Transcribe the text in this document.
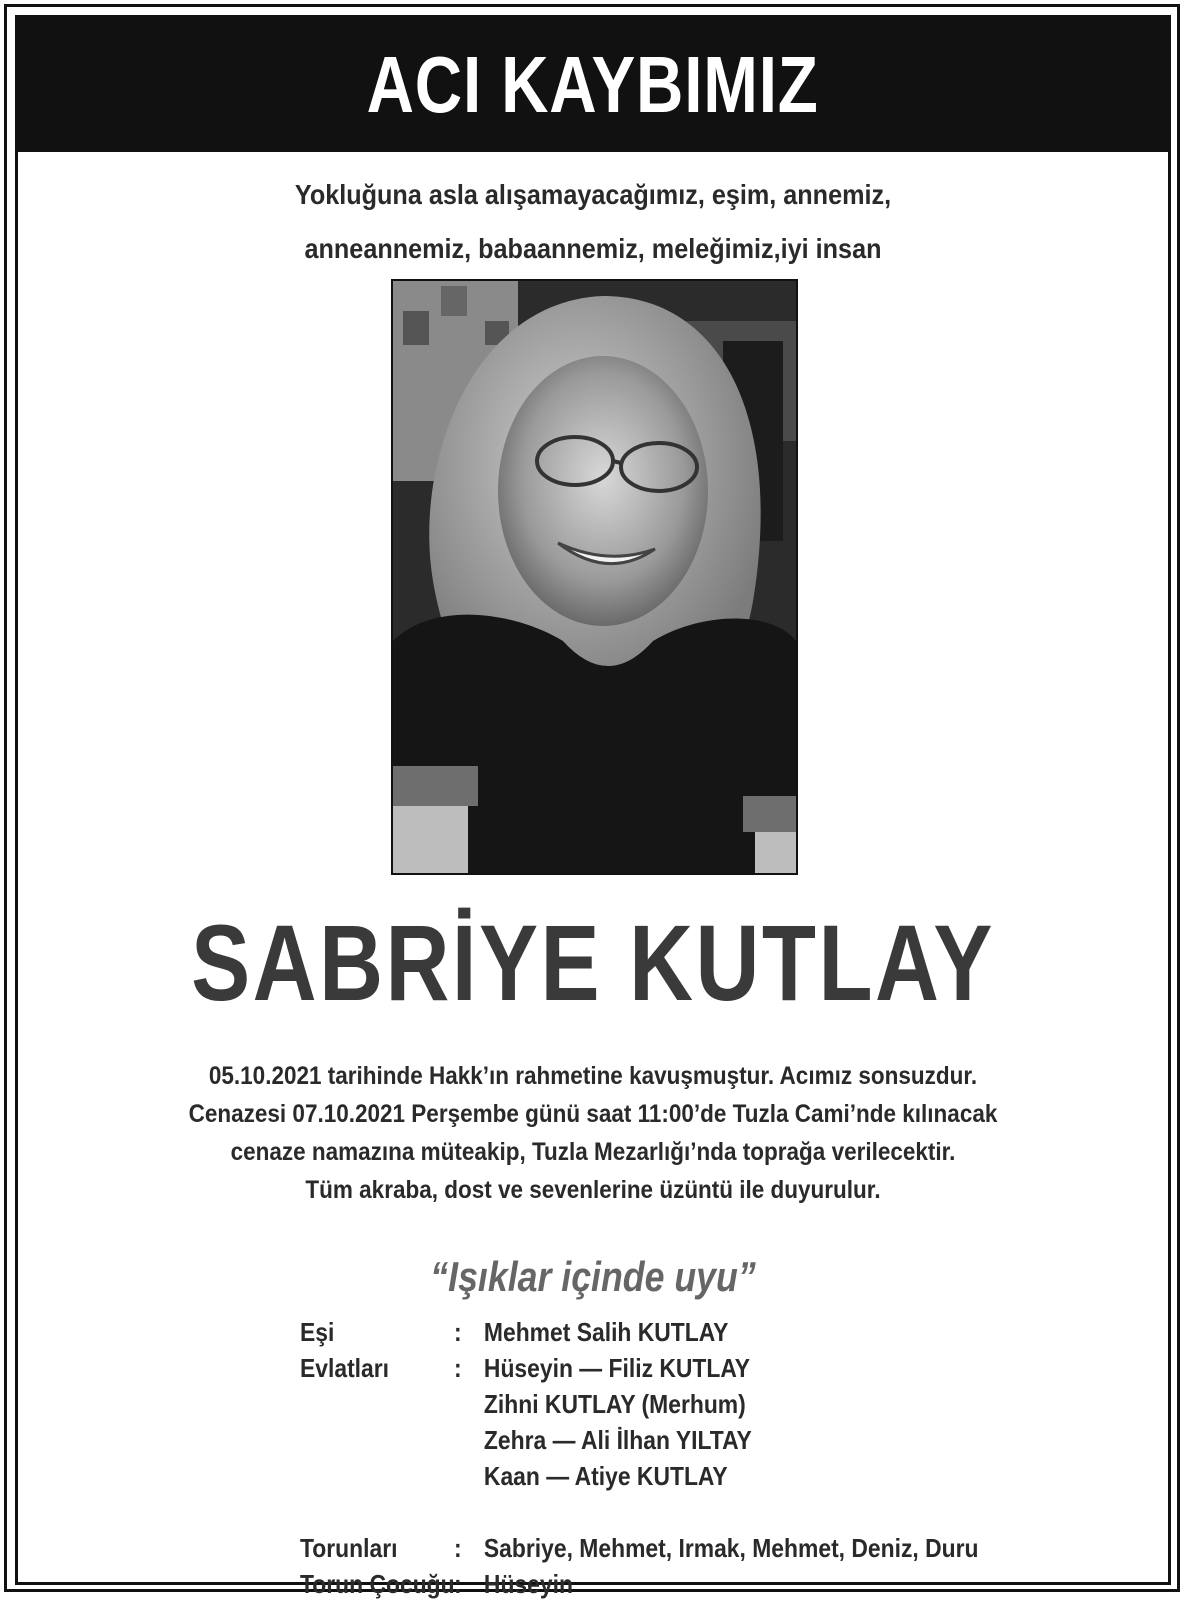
ACI KAYBIMIZ
Yokluğuna asla alışamayacağımız, eşim, annemiz,
anneannemiz, babaannemiz, meleğimiz,iyi insan
SABRİYE KUTLAY
05.10.2021 tarihinde Hakk’ın rahmetine kavuşmuştur. Acımız sonsuzdur.
Cenazesi 07.10.2021 Perşembe günü saat 11:00’de Tuzla Cami’nde kılınacak
cenaze namazına müteakip, Tuzla Mezarlığı’nda toprağa verilecektir.
Tüm akraba, dost ve sevenlerine üzüntü ile duyurulur.
“Işıklar içinde uyu”
Eşi	: Mehmet Salih KUTLAY
Evlatları	: Hüseyin — Filiz KUTLAY
Zihni KUTLAY (Merhum)
Zehra — Ali İlhan YILTAY
Kaan — Atiye KUTLAY
Torunları	: Sabriye, Mehmet, Irmak, Mehmet, Deniz, Duru
Torun Çocuğu : Hüseyin
